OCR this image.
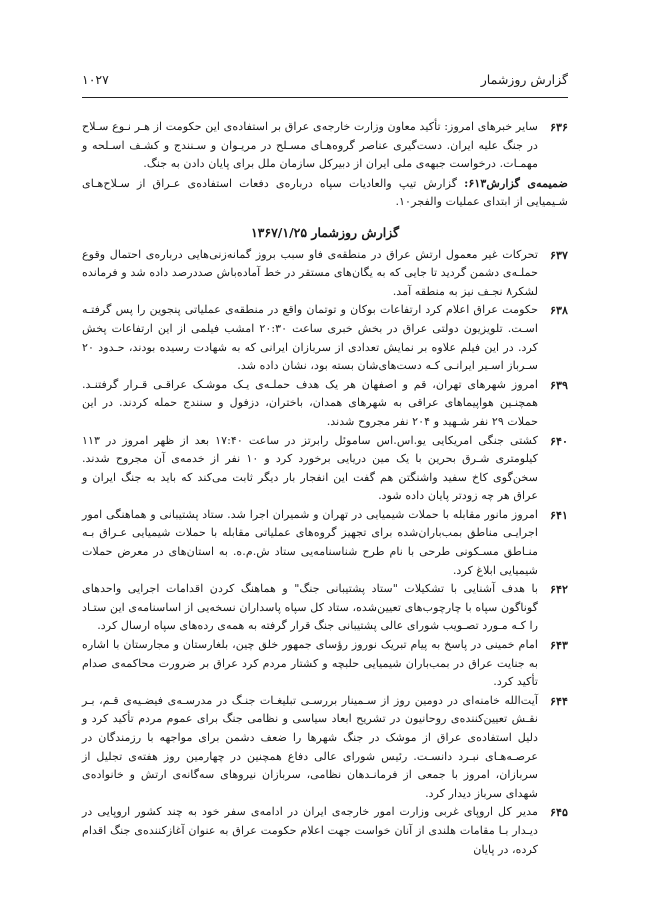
گزارش روزشمار
۱۰۲۷

۶۳۶
سایر خبرهای امروز: تأکید معاون وزارت خارجه‌ی عراق بر استفاده‌ی این حکومت از هـر نـوع سـلاح در جنگ علیه ایران. دست‌گیری عناصر گروه‌هـای مسـلح در مریـوان و سـنندج و کشـف اسـلحه و مهمـات. درخواست جبهه‌ی ملی ایران از دبیرکل سازمان ملل برای پایان دادن به جنگ.

ضمیمه‌ی گزارش۶۱۳: گزارش تیپ والعادیات سپاه درباره‌ی دفعات استفاده‌ی عـراق از سـلاح‌هـای شـیمیایی از ابتدای عملیات والفجر۱۰.

گزارش روزشمار ۱۳۶۷/۱/۲۵

۶۳۷
تحرکات غیر معمول ارتش عراق در منطقه‌ی فاو سبب بروز گمانه‌زنی‌هایی درباره‌ی احتمال وقوع حملـه‌ی دشمن گردید تا جایی که به یگان‌های مستقر در خط آماده‌باش صددرصد داده شد و فرمانده لشکر۸ نجـف نیز به منطقه آمد.

۶۳۸
حکومت عراق اعلام کرد ارتفاعات بوکان و توتمان واقع در منطقه‌ی عملیاتی پنجوین را پس گرفتـه اسـت. تلویزیون دولتی عراق در بخش خبری ساعت ۲۰:۳۰ امشب فیلمی از این ارتفاعات پخش کرد. در این فیلم علاوه بر نمایش تعدادی از سربازان ایرانی که به شهادت رسیده بودند، حـدود ۲۰ سـرباز اسـیر ایرانـی کـه دست‌های‌شان بسته بود، نشان داده شد.

۶۳۹
امروز شهرهای تهران، قم و اصفهان هر یک هدف حملـه‌ی یـک موشـک عراقـی قـرار گرفتنـد. همچنـین هواپیماهای عراقی به شهرهای همدان، باختران، دزفول و سنندج حمله کردند. در این حملات ۲۹ نفر شـهید و ۲۰۴ نفر مجروح شدند.

۶۴۰
کشتی جنگی امریکایی یو.اس.اس ساموئل رابرتز در ساعت ۱۷:۴۰ بعد از ظهر امروز در ۱۱۳ کیلومتری شـرق بحرین با یک مین دریایی برخورد کرد و ۱۰ نفر از خدمه‌ی آن مجروح شدند. سخن‌گوی کاخ سفید واشنگتن هم گفت این انفجار بار دیگر ثابت می‌کند که باید به جنگ ایران و عراق هر چه زودتر پایان داده شود.

۶۴۱
امروز مانور مقابله با حملات شیمیایی در تهران و شمیران اجرا شد. ستاد پشتیبانی و هماهنگی امور اجرایـی مناطق بمب‌باران‌شده برای تجهیز گروه‌های عملیاتی مقابله با حملات شیمیایی عـراق بـه منـاطق مسـکونی طرحی با نام طرح شناسنامه‌یی ستاد ش.م.ه. به استان‌های در معرض حملات شیمیایی ابلاغ کرد.

۶۴۲
با هدف آشنایی با تشکیلات "ستاد پشتیبانی جنگ" و هماهنگ کردن اقدامات اجرایی واحدهای گوناگون سپاه با چارچوب‌های تعیین‌شده، ستاد کل سپاه پاسداران نسخه‌یی از اساسنامه‌ی این ستـاد را کـه مـورد تصـویب شورای عالی پشتیبانی جنگ قرار گرفته به همه‌ی رده‌های سپاه ارسال کرد.

۶۴۳
امام خمینی در پاسخ به پیام تبریک نوروز رؤسای جمهور خلق چین، بلغارستان و مجارستان با اشاره به جنایت عراق در بمب‌باران شیمیایی حلبچه و کشتار مردم کرد عراق بر ضرورت محاکمه‌ی صدام تأکید کرد.

۶۴۴
آیت‌الله خامنه‌ای در دومین روز از سـمینار بررسـی تبلیغـات جنـگ در مدرسـه‌ی فیضـیه‌ی قـم، بـر نقـش تعیین‌کننده‌ی روحانیون در تشریح ابعاد سیاسی و نظامی جنگ برای عموم مردم تأکید کرد و دلیل استفاده‌ی عراق از موشک در جنگ شهرها را ضعف دشمن برای مواجهه با رزمندگان در عرصـه‌هـای نبـرد دانسـت. رئیس شورای عالی دفاع همچنین در چهارمین روز هفته‌ی تجلیل از سربازان، امروز با جمعی از فرمانـدهان نظامی، سربازان نیروهای سه‌گانه‌ی ارتش و خانواده‌ی شهدای سرباز دیدار کرد.

۶۴۵
مدیر کل اروپای غربی وزارت امور خارجه‌ی ایران در ادامه‌ی سفر خود به چند کشور اروپایی در دیـدار بـا مقامات هلندی از آنان خواست جهت اعلام حکومت عراق به عنوان آغازکننده‌ی جنگ اقدام کرده، در پایان
